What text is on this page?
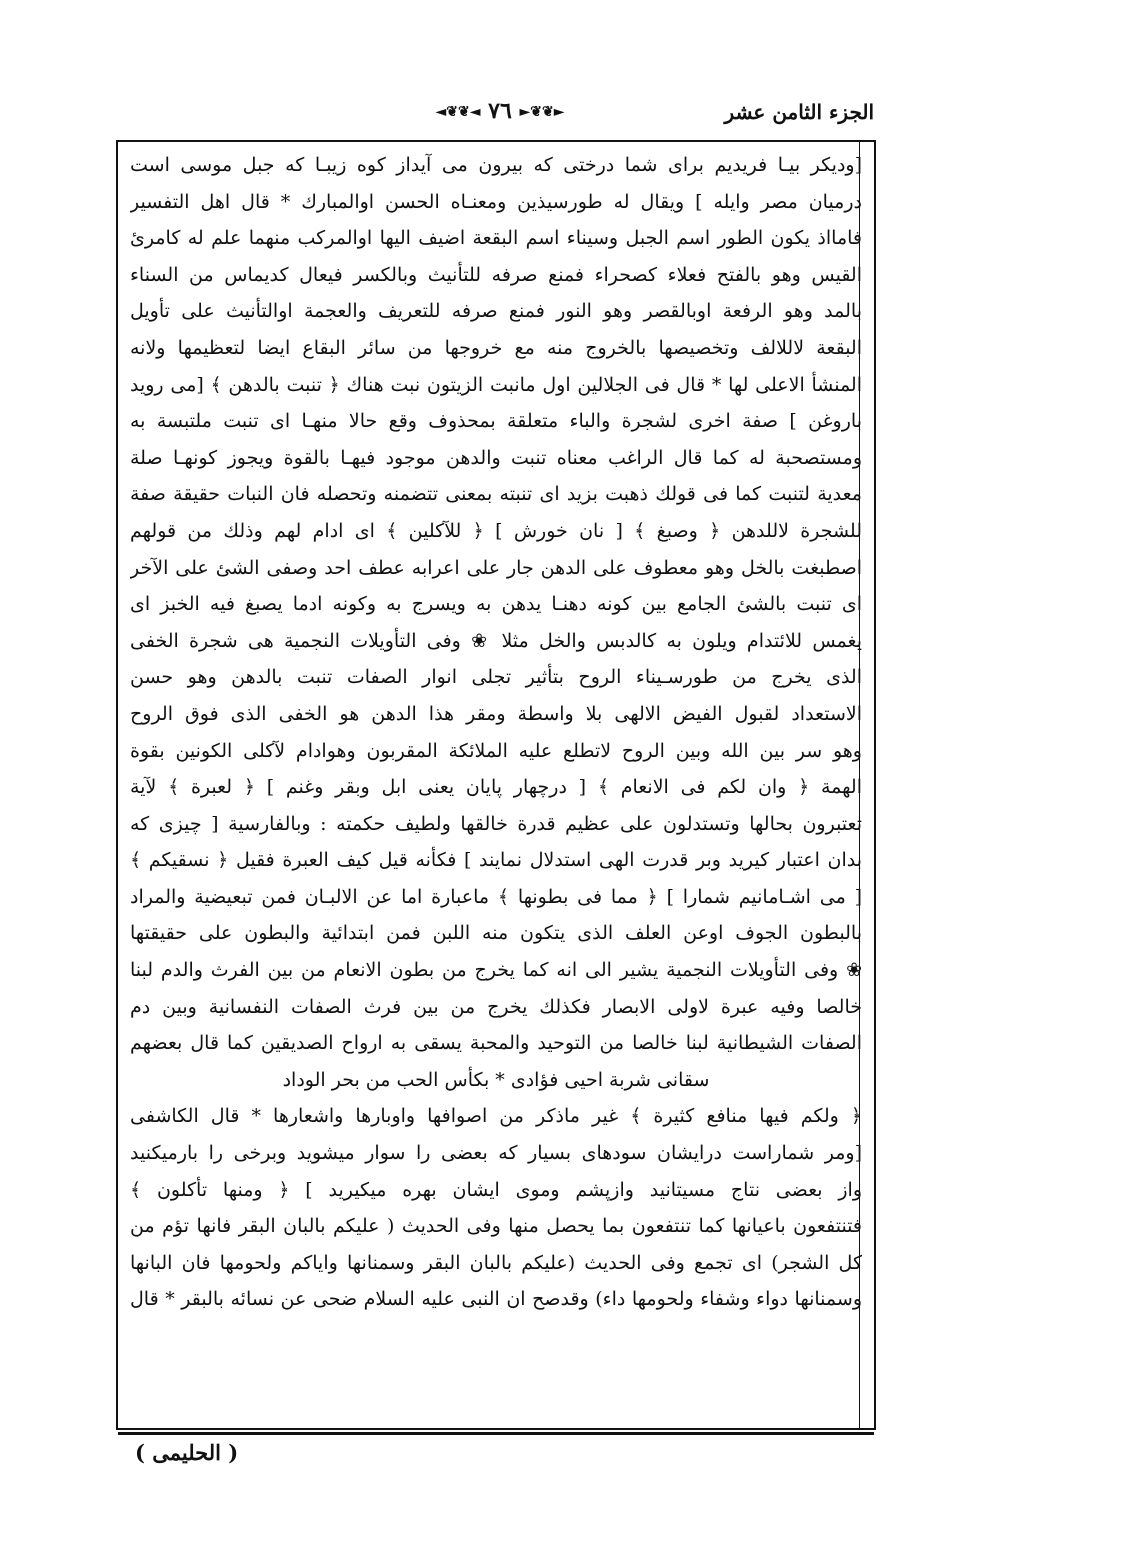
الجزء الثامن عشر
◄❦❦◄ ٧٦ ►❦❦►
[وديكر بيـا فريديم براى شما درختى كه بيرون مى آيداز كوه زيبـا كه جبل موسى است
درميان مصر وايله ] ويقال له طورسيذين ومعنـاه الحسن اوالمبارك * قال اهل التفسير
فامااذ يكون الطور اسم الجبل وسيناء اسم البقعة اضيف اليها اوالمركب منهما علم له كامرئ
القيس وهو بالفتح فعلاء كصحراء فمنع صرفه للتأنيث وبالكسر فيعال كديماس من السناء
بالمد وهو الرفعة اوبالقصر وهو النور فمنع صرفه للتعريف والعجمة اوالتأنيث على تأويل
البقعة لاللالف وتخصيصها بالخروج منه مع خروجها من سائر البقاع ايضا لتعظيمها ولانه
المنشأ الاعلى لها * قال فى الجلالين اول مانبت الزيتون نبت هناك ﴿ تنبت بالدهن ﴾ [مى رويد
باروغن ] صفة اخرى لشجرة والباء متعلقة بمحذوف وقع حالا منهـا اى تنبت ملتبسة به
ومستصحبة له كما قال الراغب معناه تنبت والدهن موجود فيهـا بالقوة ويجوز كونهـا صلة
معدية لتنبت كما فى قولك ذهبت بزيد اى تنبته بمعنى تتضمنه وتحصله فان النبات حقيقة صفة
للشجرة لاللدهن ﴿ وصبغ ﴾ [ نان خورش ] ﴿ للآكلين ﴾ اى ادام لهم وذلك من قولهم
اصطبغت بالخل وهو معطوف على الدهن جار على اعرابه عطف احد وصفى الشئ على الآخر
اى تنبت بالشئ الجامع بين كونه دهنـا يدهن به ويسرج به وكونه ادما يصبغ فيه الخبز اى
يغمس للائتدام ويلون به كالدبس والخل مثلا ❀ وفى التأويلات النجمية هى شجرة الخفى
الذى يخرج من طورسـيناء الروح بتأثير تجلى انوار الصفات تنبت بالدهن وهو حسن
الاستعداد لقبول الفيض الالهى بلا واسطة ومقر هذا الدهن هو الخفى الذى فوق الروح
وهو سر بين الله وبين الروح لاتطلع عليه الملائكة المقربون وهوادام لآكلى الكونين بقوة
الهمة ﴿ وان لكم فى الانعام ﴾ [ درچهار پايان يعنى ابل وبقر وغنم ] ﴿ لعبرة ﴾ لآية
تعتبرون بحالها وتستدلون على عظيم قدرة خالقها ولطيف حكمته : وبالفارسية [ چيزى كه
بدان اعتبار كيريد وبر قدرت الهى استدلال نمايند ] فكأنه قيل كيف العبرة فقيل ﴿ نسقيكم ﴾
[ مى اشـامانيم شمارا ] ﴿ مما فى بطونها ﴾ ماعبارة اما عن الالبـان فمن تبعيضية والمراد
بالبطون الجوف اوعن العلف الذى يتكون منه اللبن فمن ابتدائية والبطون على حقيقتها
❀ وفى التأويلات النجمية يشير الى انه كما يخرج من بطون الانعام من بين الفرث والدم لبنا
خالصا وفيه عبرة لاولى الابصار فكذلك يخرج من بين فرث الصفات النفسانية وبين دم
الصفات الشيطانية لبنا خالصا من التوحيد والمحبة يسقى به ارواح الصديقين كما قال بعضهم
سقانى شربة احيى فؤادى * بكأس الحب من بحر الوداد
﴿ ولكم فيها منافع كثيرة ﴾ غير ماذكر من اصوافها واوبارها واشعارها * قال الكاشفى
[ومر شماراست درايشان سودهاى بسيار كه بعضى را سوار ميشويد وبرخى را بارميكنيد
واز بعضى نتاج مسيتانيد وازپشم وموى ايشان بهره ميكيريد ] ﴿ ومنها تأكلون ﴾
فتنتفعون باعيانها كما تنتفعون بما يحصل منها وفى الحديث ( عليكم بالبان البقر فانها تؤم من
كل الشجر) اى تجمع وفى الحديث (عليكم بالبان البقر وسمنانها واياكم ولحومها فان البانها
وسمنانها دواء وشفاء ولحومها داء) وقدصح ان النبى عليه السلام ضحى عن نسائه بالبقر * قال
( الحليمى )
